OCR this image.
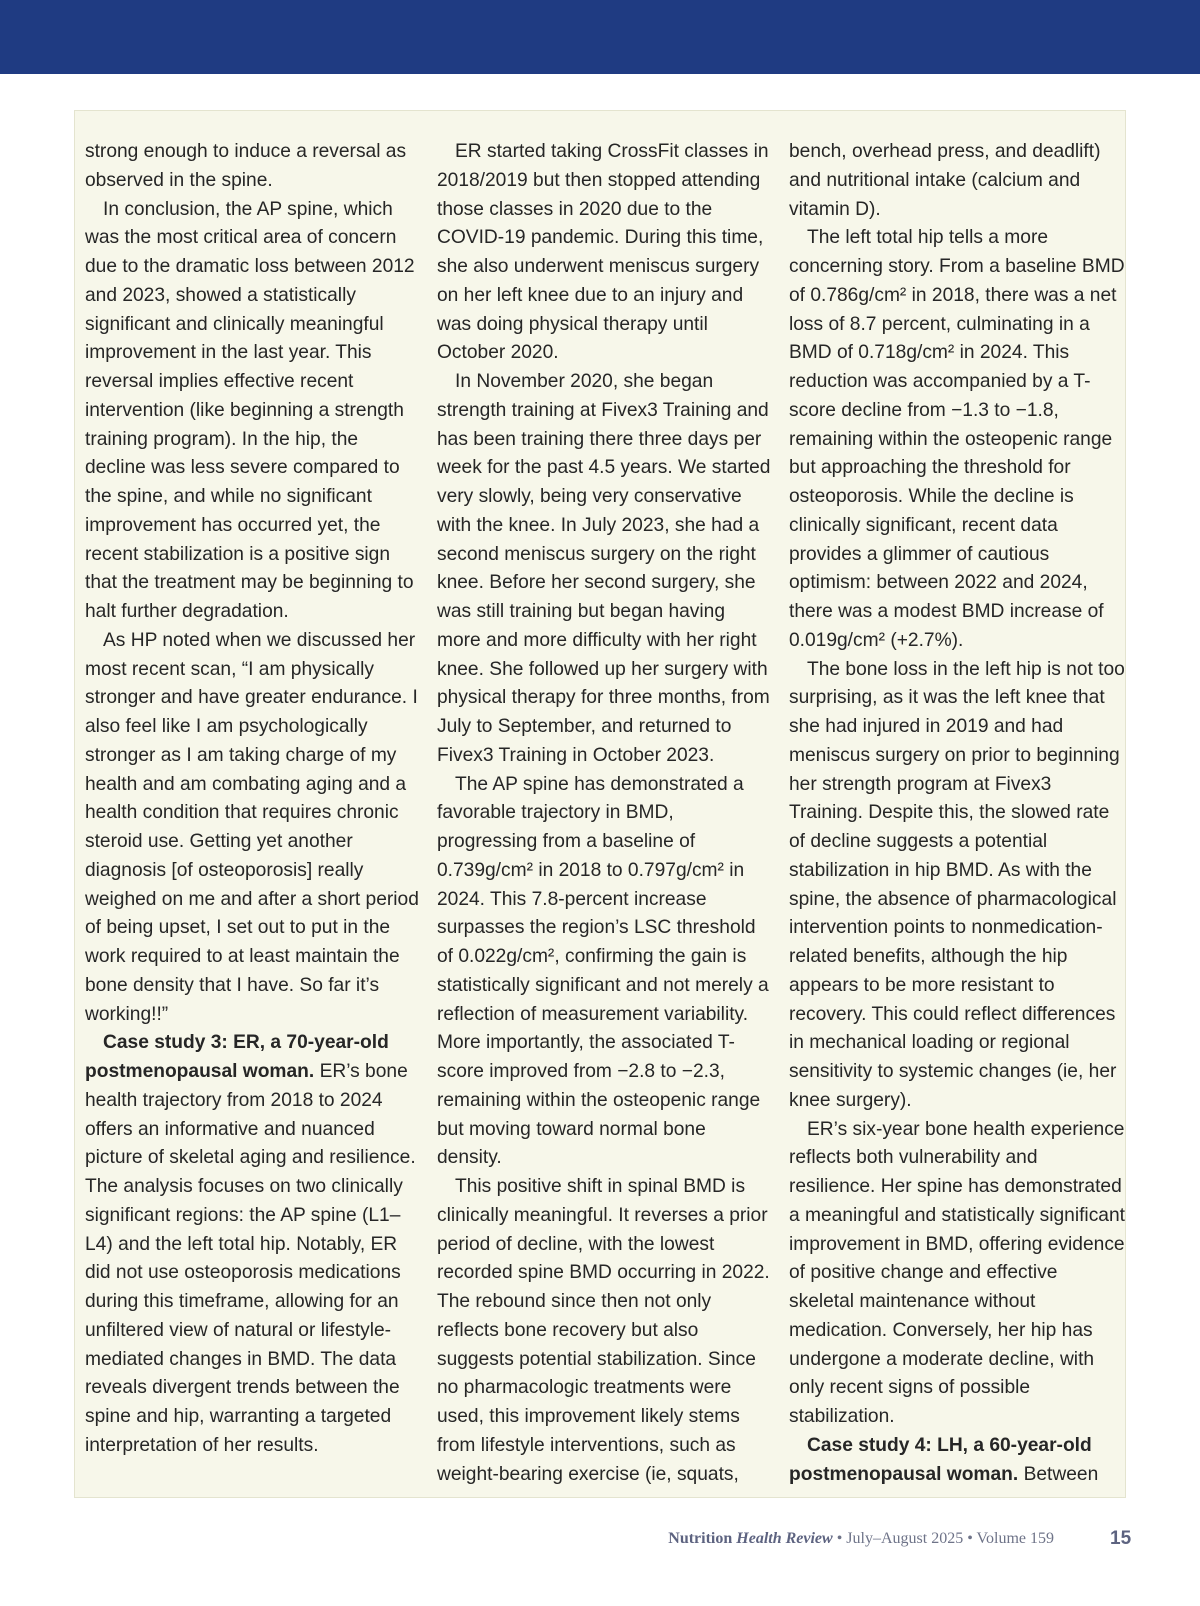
strong enough to induce a reversal as observed in the spine.

In conclusion, the AP spine, which was the most critical area of concern due to the dramatic loss between 2012 and 2023, showed a statistically significant and clinically meaningful improvement in the last year. This reversal implies effective recent intervention (like beginning a strength training program). In the hip, the decline was less severe compared to the spine, and while no significant improvement has occurred yet, the recent stabilization is a positive sign that the treatment may be beginning to halt further degradation.

As HP noted when we discussed her most recent scan, “I am physically stronger and have greater endurance. I also feel like I am psychologically stronger as I am taking charge of my health and am combating aging and a health condition that requires chronic steroid use. Getting yet another diagnosis [of osteoporosis] really weighed on me and after a short period of being upset, I set out to put in the work required to at least maintain the bone density that I have. So far it’s working!!”

Case study 3: ER, a 70-year-old postmenopausal woman. ER’s bone health trajectory from 2018 to 2024 offers an informative and nuanced picture of skeletal aging and resilience. The analysis focuses on two clinically significant regions: the AP spine (L1–L4) and the left total hip. Notably, ER did not use osteoporosis medications during this timeframe, allowing for an unfiltered view of natural or lifestyle-mediated changes in BMD. The data reveals divergent trends between the spine and hip, warranting a targeted interpretation of her results.

ER started taking CrossFit classes in 2018/2019 but then stopped attending those classes in 2020 due to the COVID-19 pandemic. During this time, she also underwent meniscus surgery on her left knee due to an injury and was doing physical therapy until October 2020.

In November 2020, she began strength training at Fivex3 Training and has been training there three days per week for the past 4.5 years. We started very slowly, being very conservative with the knee. In July 2023, she had a second meniscus surgery on the right knee. Before her second surgery, she was still training but began having more and more difficulty with her right knee. She followed up her surgery with physical therapy for three months, from July to September, and returned to Fivex3 Training in October 2023.

The AP spine has demonstrated a favorable trajectory in BMD, progressing from a baseline of 0.739g/cm² in 2018 to 0.797g/cm² in 2024. This 7.8-percent increase surpasses the region’s LSC threshold of 0.022g/cm², confirming the gain is statistically significant and not merely a reflection of measurement variability. More importantly, the associated T-score improved from −2.8 to −2.3, remaining within the osteopenic range but moving toward normal bone density.

This positive shift in spinal BMD is clinically meaningful. It reverses a prior period of decline, with the lowest recorded spine BMD occurring in 2022. The rebound since then not only reflects bone recovery but also suggests potential stabilization. Since no pharmacologic treatments were used, this improvement likely stems from lifestyle interventions, such as weight-bearing exercise (ie, squats,

bench, overhead press, and deadlift) and nutritional intake (calcium and vitamin D).

The left total hip tells a more concerning story. From a baseline BMD of 0.786g/cm² in 2018, there was a net loss of 8.7 percent, culminating in a BMD of 0.718g/cm² in 2024. This reduction was accompanied by a T-score decline from −1.3 to −1.8, remaining within the osteopenic range but approaching the threshold for osteoporosis. While the decline is clinically significant, recent data provides a glimmer of cautious optimism: between 2022 and 2024, there was a modest BMD increase of 0.019g/cm² (+2.7%).

The bone loss in the left hip is not too surprising, as it was the left knee that she had injured in 2019 and had meniscus surgery on prior to beginning her strength program at Fivex3 Training. Despite this, the slowed rate of decline suggests a potential stabilization in hip BMD. As with the spine, the absence of pharmacological intervention points to nonmedication-related benefits, although the hip appears to be more resistant to recovery. This could reflect differences in mechanical loading or regional sensitivity to systemic changes (ie, her knee surgery).

ER’s six-year bone health experience reflects both vulnerability and resilience. Her spine has demonstrated a meaningful and statistically significant improvement in BMD, offering evidence of positive change and effective skeletal maintenance without medication. Conversely, her hip has undergone a moderate decline, with only recent signs of possible stabilization.

Case study 4: LH, a 60-year-old postmenopausal woman. Between

Nutrition Health Review • July–August 2025 • Volume 159	15
